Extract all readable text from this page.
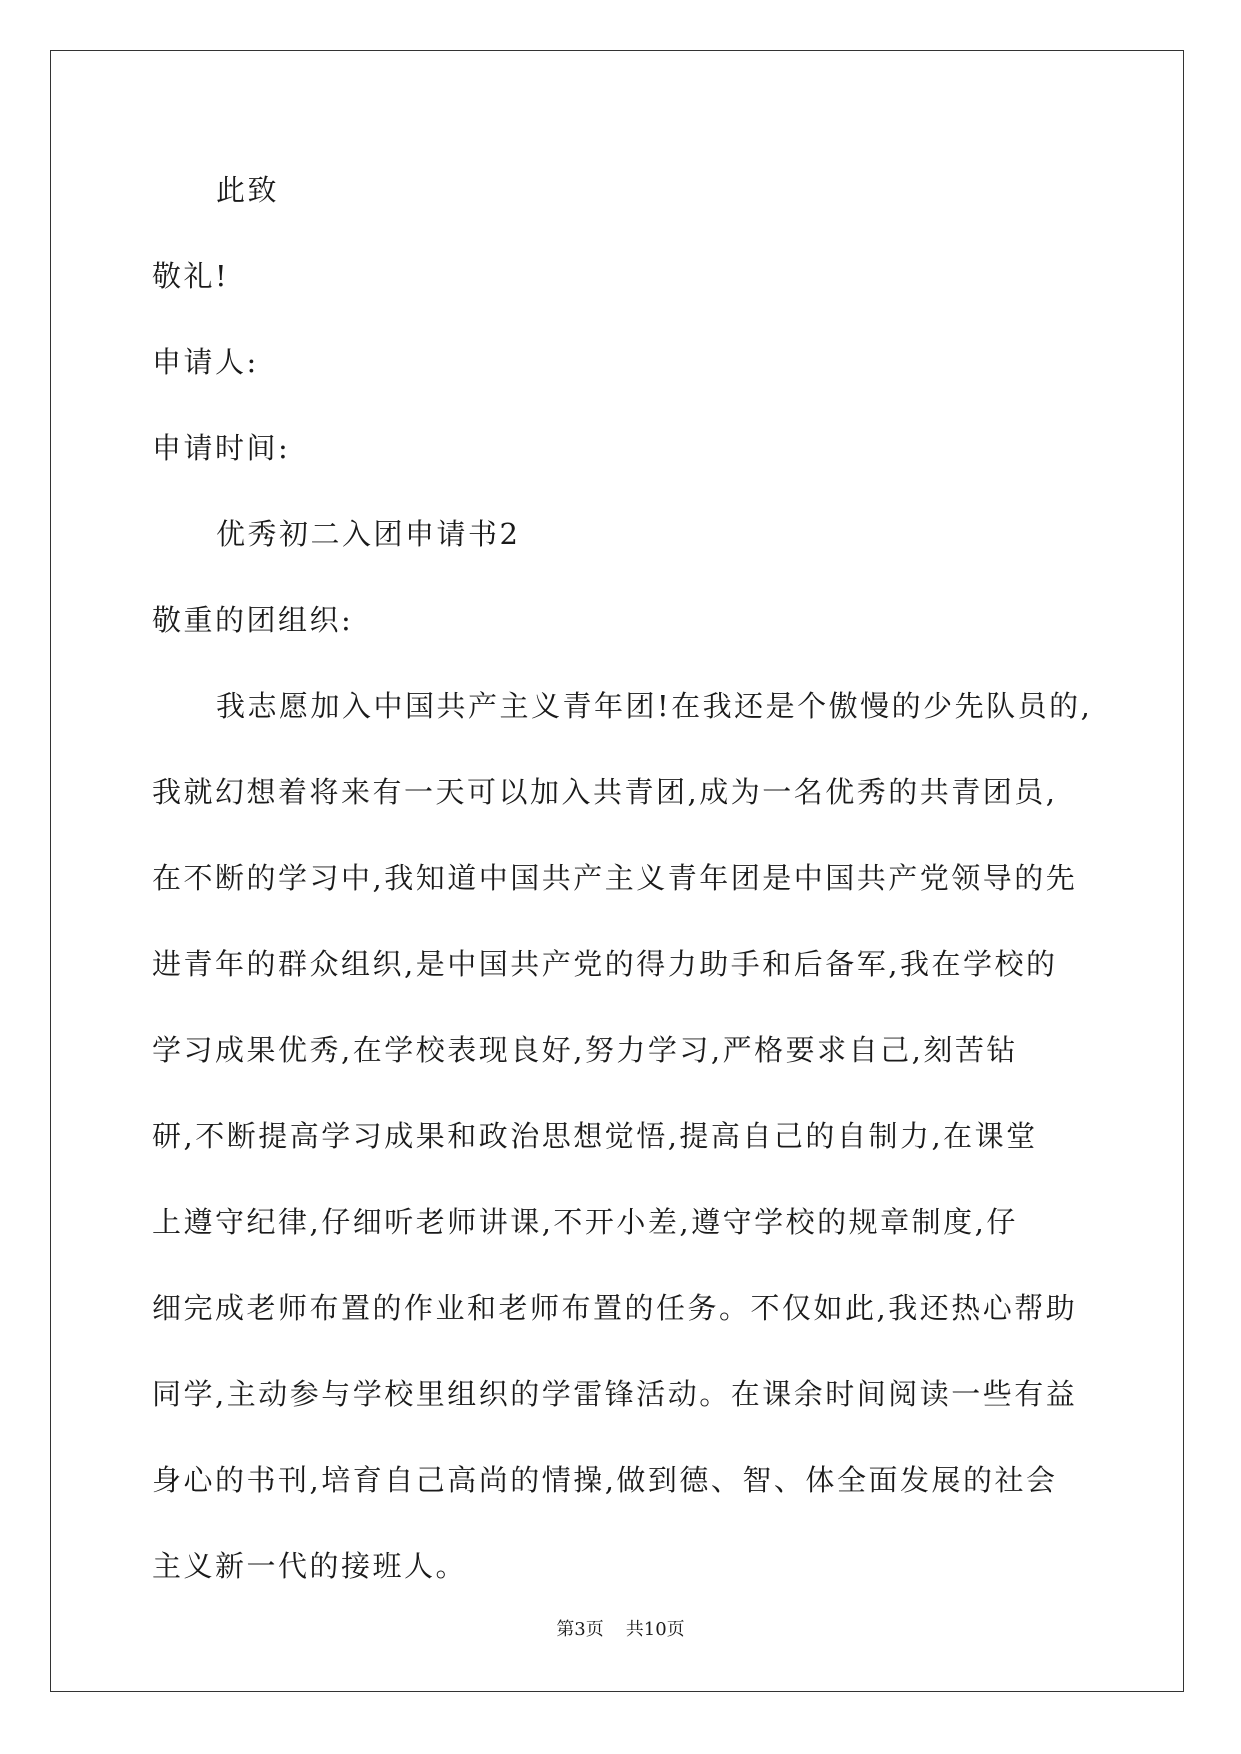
此致
敬礼!
申请人:
申请时间:
优秀初二入团申请书2
敬重的团组织:
我志愿加入中国共产主义青年团!在我还是个傲慢的少先队员的,
我就幻想着将来有一天可以加入共青团,成为一名优秀的共青团员,
在不断的学习中,我知道中国共产主义青年团是中国共产党领导的先
进青年的群众组织,是中国共产党的得力助手和后备军,我在学校的
学习成果优秀,在学校表现良好,努力学习,严格要求自己,刻苦钻
研,不断提高学习成果和政治思想觉悟,提高自己的自制力,在课堂
上遵守纪律,仔细听老师讲课,不开小差,遵守学校的规章制度,仔
细完成老师布置的作业和老师布置的任务。不仅如此,我还热心帮助
同学,主动参与学校里组织的学雷锋活动。在课余时间阅读一些有益
身心的书刊,培育自己高尚的情操,做到德、智、体全面发展的社会
主义新一代的接班人。
第3页 共10页
